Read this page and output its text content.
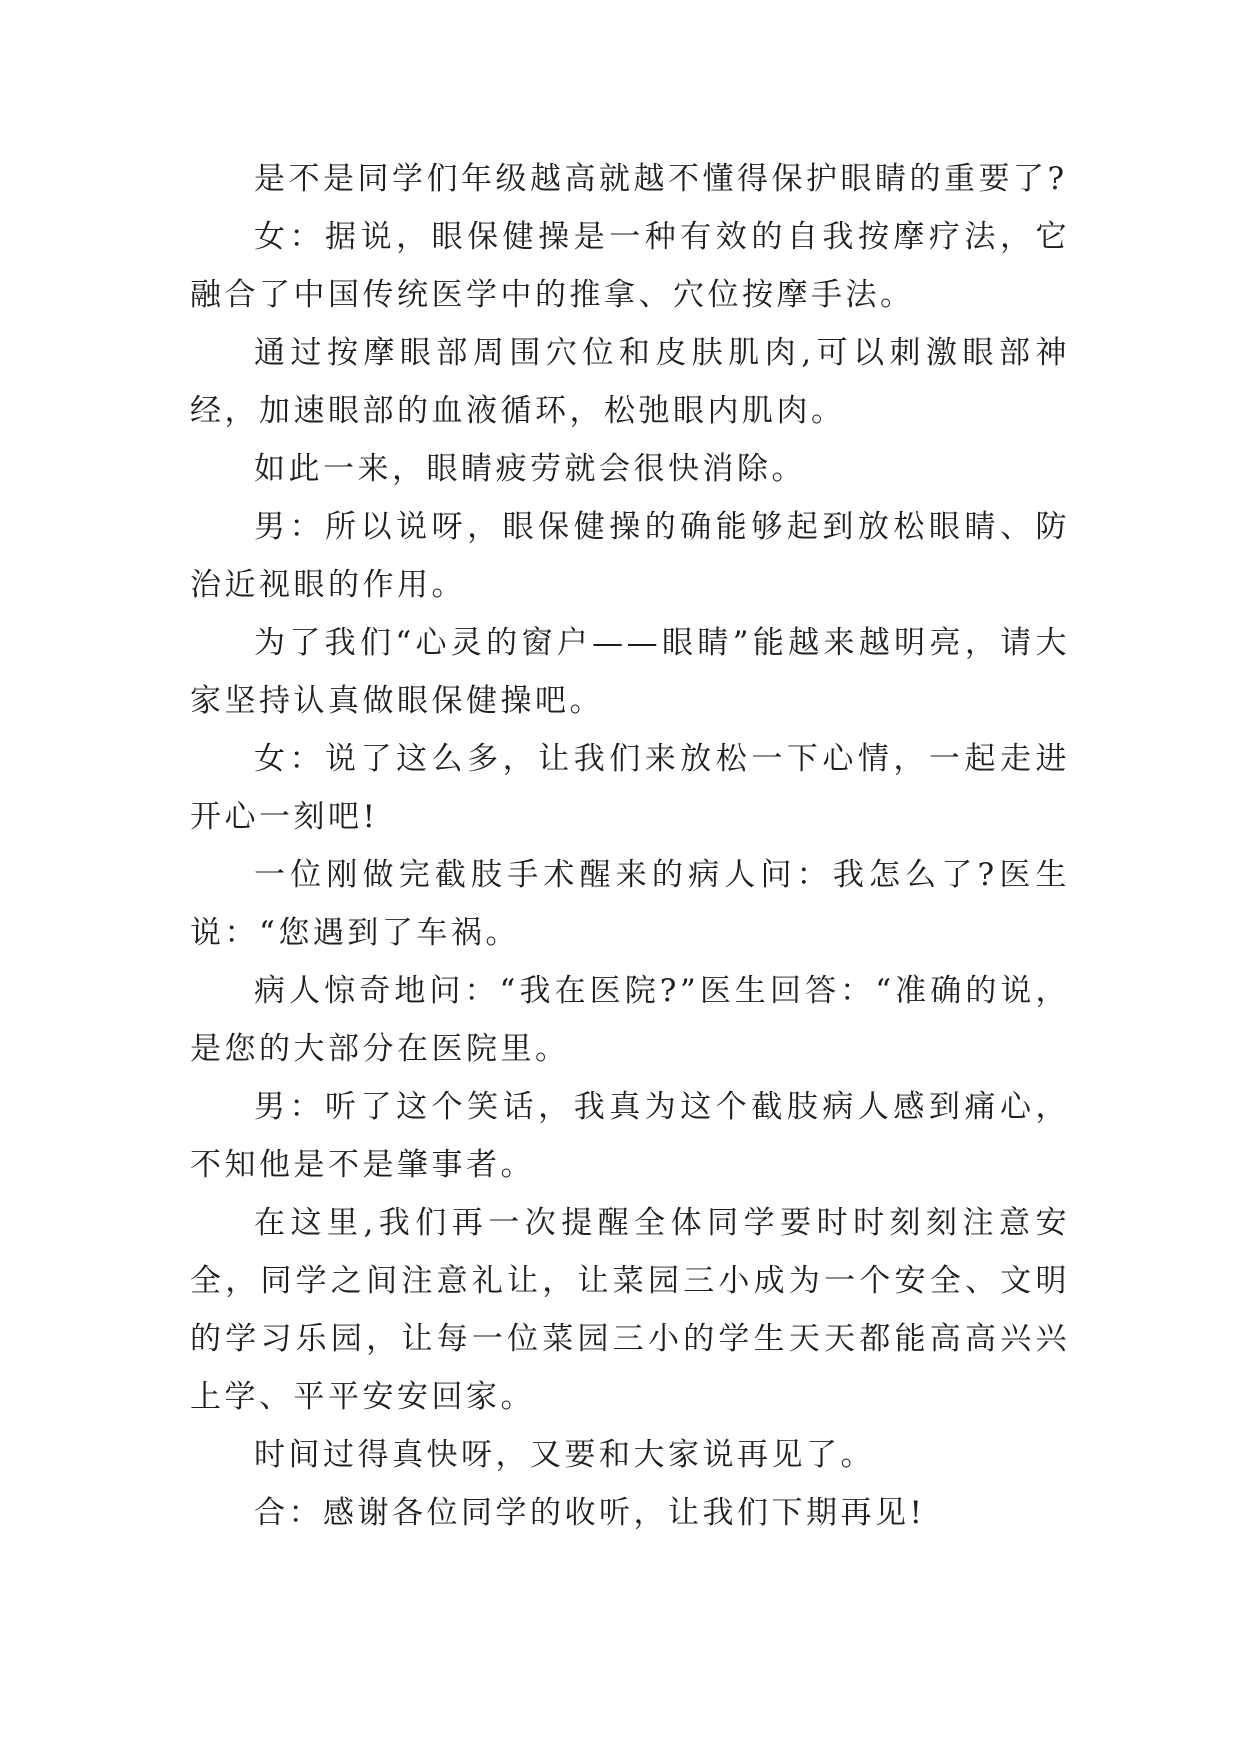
是不是同学们年级越高就越不懂得保护眼睛的重要了?

女：据说，眼保健操是一种有效的自我按摩疗法，它融合了中国传统医学中的推拿、穴位按摩手法。

通过按摩眼部周围穴位和皮肤肌肉,可以刺激眼部神经，加速眼部的血液循环，松弛眼内肌肉。

如此一来，眼睛疲劳就会很快消除。

男：所以说呀，眼保健操的确能够起到放松眼睛、防治近视眼的作用。

为了我们“心灵的窗户——眼睛”能越来越明亮，请大家坚持认真做眼保健操吧。

女：说了这么多，让我们来放松一下心情，一起走进开心一刻吧!

一位刚做完截肢手术醒来的病人问：我怎么了?医生说：“您遇到了车祸。

病人惊奇地问：“我在医院?”医生回答：“准确的说，是您的大部分在医院里。

男：听了这个笑话，我真为这个截肢病人感到痛心，不知他是不是肇事者。

在这里,我们再一次提醒全体同学要时时刻刻注意安全，同学之间注意礼让，让菜园三小成为一个安全、文明的学习乐园，让每一位菜园三小的学生天天都能高高兴兴上学、平平安安回家。

时间过得真快呀，又要和大家说再见了。

合：感谢各位同学的收听，让我们下期再见!
